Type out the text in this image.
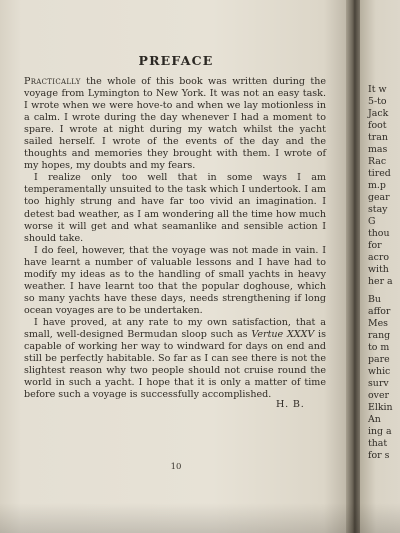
PREFACE

Practically the whole of this book was written during the voyage from Lymington to New York. It was not an easy task. I wrote when we were hove-to and when we lay motionless in a calm. I wrote during the day whenever I had a moment to spare. I wrote at night during my watch whilst the yacht sailed herself. I wrote of the events of the day and the thoughts and memories they brought with them. I wrote of my hopes, my doubts and my fears.

I realize only too well that in some ways I am temperamentally unsuited to the task which I undertook. I am too highly strung and have far too vivid an imagination. I detest bad weather, as I am wondering all the time how much worse it will get and what seamanlike and sensible action I should take.

I do feel, however, that the voyage was not made in vain. I have learnt a number of valuable lessons and I have had to modify my ideas as to the handling of small yachts in heavy weather. I have learnt too that the popular doghouse, which so many yachts have these days, needs strengthening if long ocean voyages are to be undertaken.

I have proved, at any rate to my own satisfaction, that a small, well-designed Bermudan sloop such as Vertue XXXV is capable of working her way to windward for days on end and still be perfectly habitable. So far as I can see there is not the slightest reason why two people should not cruise round the world in such a yacht. I hope that it is only a matter of time before such a voyage is successfully accomplished.

H. B.
10
It w
5-to
Jack
foot
tran
mas
Rac
tired
m.p
gear
stay
G
thou
for
acro
with
her a
Bu
affor
Mes
rang
to m
pare
whic
surv
over
Elkin
An
ing a
that
for s
